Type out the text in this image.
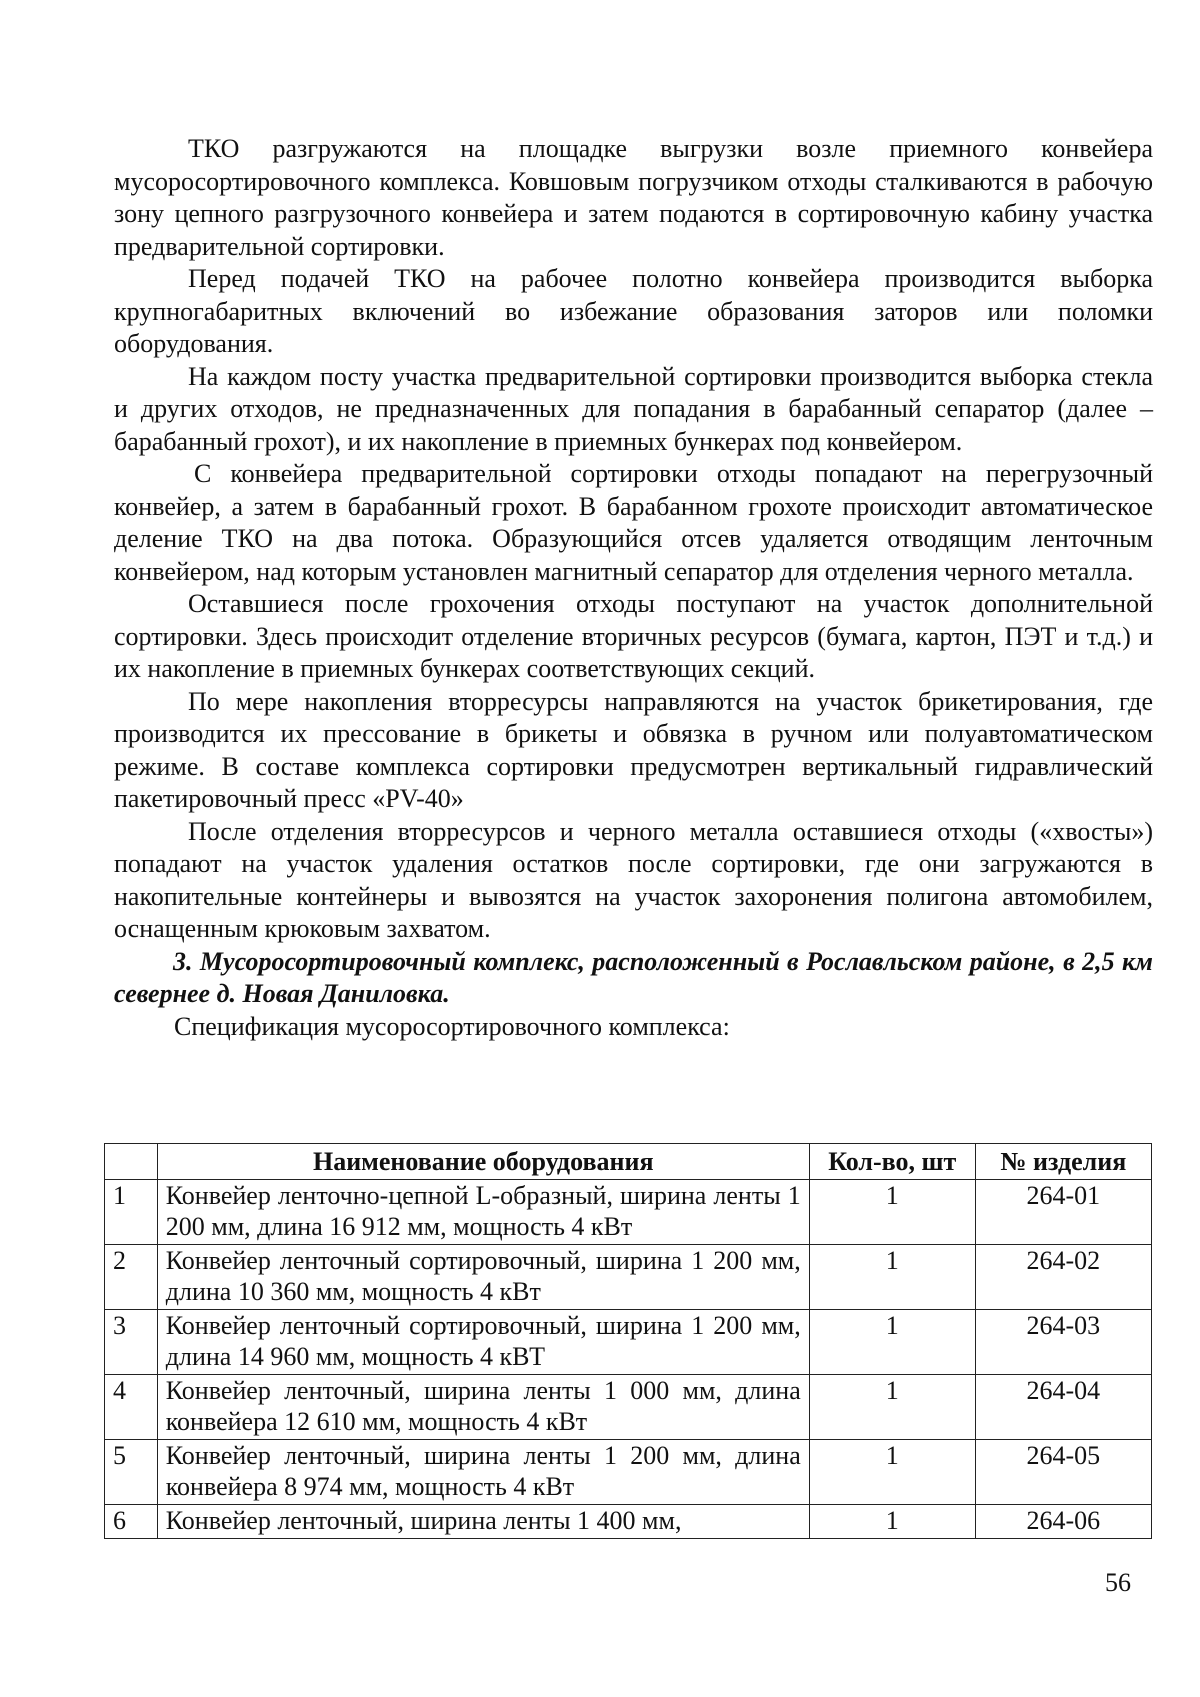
ТКО разгружаются на площадке выгрузки возле приемного конвейера мусоросортировочного комплекса. Ковшовым погрузчиком отходы сталкиваются в рабочую зону цепного разгрузочного конвейера и затем подаются в сортировочную кабину участка предварительной сортировки.

Перед подачей ТКО на рабочее полотно конвейера производится выборка крупногабаритных включений во избежание образования заторов или поломки оборудования.

На каждом посту участка предварительной сортировки производится выборка стекла и других отходов, не предназначенных для попадания в барабанный сепаратор (далее – барабанный грохот), и их накопление в приемных бункерах под конвейером.

С конвейера предварительной сортировки отходы попадают на перегрузочный конвейер, а затем в барабанный грохот. В барабанном грохоте происходит автоматическое деление ТКО на два потока. Образующийся отсев удаляется отводящим ленточным конвейером, над которым установлен магнитный сепаратор для отделения черного металла.

Оставшиеся после грохочения отходы поступают на участок дополнительной сортировки. Здесь происходит отделение вторичных ресурсов (бумага, картон, ПЭТ и т.д.) и их накопление в приемных бункерах соответствующих секций.

По мере накопления вторресурсы направляются на участок брикетирования, где производится их прессование в брикеты и обвязка в ручном или полуавтоматическом режиме. В составе комплекса сортировки предусмотрен вертикальный гидравлический пакетировочный пресс «PV-40»

После отделения вторресурсов и черного металла оставшиеся отходы («хвосты») попадают на участок удаления остатков после сортировки, где они загружаются в накопительные контейнеры и вывозятся на участок захоронения полигона автомобилем, оснащенным крюковым захватом.

3. Мусоросортировочный комплекс, расположенный в Рославльском районе, в 2,5 км севернее д. Новая Даниловка.

Спецификация мусоросортировочного комплекса:

	Наименование оборудования	Кол-во, шт	№ изделия
1	Конвейер ленточно-цепной L-образный, ширина ленты 1 200 мм, длина 16 912 мм, мощность 4 кВт	1	264-01
2	Конвейер ленточный сортировочный, ширина 1 200 мм, длина 10 360 мм, мощность 4 кВт	1	264-02
3	Конвейер ленточный сортировочный, ширина 1 200 мм, длина 14 960 мм, мощность 4 кВТ	1	264-03
4	Конвейер ленточный, ширина ленты 1 000 мм, длина конвейера 12 610 мм, мощность 4 кВт	1	264-04
5	Конвейер ленточный, ширина ленты 1 200 мм, длина конвейера 8 974 мм, мощность 4 кВт	1	264-05
6	Конвейер ленточный, ширина ленты 1 400 мм,	1	264-06
56
